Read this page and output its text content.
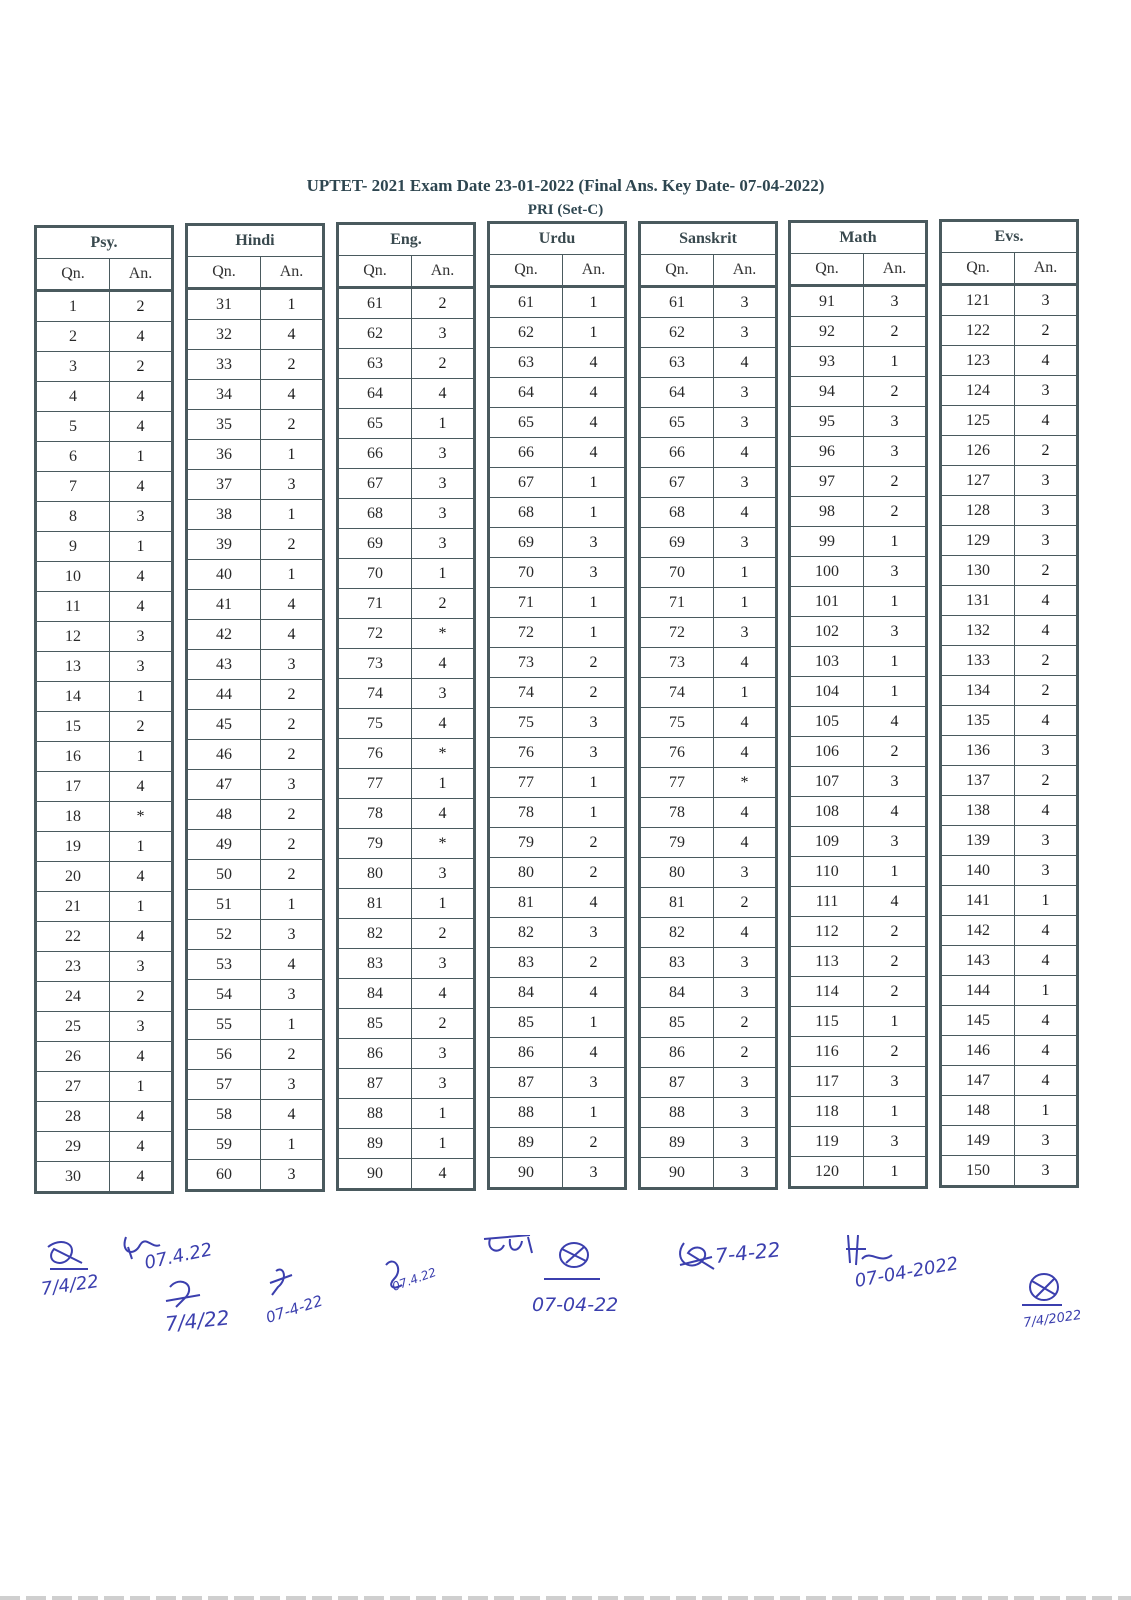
UPTET- 2021 Exam Date 23-01-2022 (Final Ans. Key Date- 07-04-2022)
PRI (Set-C)
Psy.	
Qn.	An.
1	2
2	4
3	2
4	4
5	4
6	1
7	4
8	3
9	1
10	4
11	4
12	3
13	3
14	1
15	2
16	1
17	4
18	*
19	1
20	4
21	1
22	4
23	3
24	2
25	3
26	4
27	1
28	4
29	4
30	4
Hindi	
Qn.	An.
31	1
32	4
33	2
34	4
35	2
36	1
37	3
38	1
39	2
40	1
41	4
42	4
43	3
44	2
45	2
46	2
47	3
48	2
49	2
50	2
51	1
52	3
53	4
54	3
55	1
56	2
57	3
58	4
59	1
60	3
Eng.	
Qn.	An.
61	2
62	3
63	2
64	4
65	1
66	3
67	3
68	3
69	3
70	1
71	2
72	*
73	4
74	3
75	4
76	*
77	1
78	4
79	*
80	3
81	1
82	2
83	3
84	4
85	2
86	3
87	3
88	1
89	1
90	4
Urdu	
Qn.	An.
61	1
62	1
63	4
64	4
65	4
66	4
67	1
68	1
69	3
70	3
71	1
72	1
73	2
74	2
75	3
76	3
77	1
78	1
79	2
80	2
81	4
82	3
83	2
84	4
85	1
86	4
87	3
88	1
89	2
90	3
Sanskrit	
Qn.	An.
61	3
62	3
63	4
64	3
65	3
66	4
67	3
68	4
69	3
70	1
71	1
72	3
73	4
74	1
75	4
76	4
77	*
78	4
79	4
80	3
81	2
82	4
83	3
84	3
85	2
86	2
87	3
88	3
89	3
90	3
Math	
Qn.	An.
91	3
92	2
93	1
94	2
95	3
96	3
97	2
98	2
99	1
100	3
101	1
102	3
103	1
104	1
105	4
106	2
107	3
108	4
109	3
110	1
111	4
112	2
113	2
114	2
115	1
116	2
117	3
118	1
119	3
120	1
Evs.	
Qn.	An.
121	3
122	2
123	4
124	3
125	4
126	2
127	3
128	3
129	3
130	2
131	4
132	4
133	2
134	2
135	4
136	3
137	2
138	4
139	3
140	3
141	1
142	4
143	4
144	1
145	4
146	4
147	4
148	1
149	3
150	3
7/4/22
07.4.22
7/4/22 07-4-22
07.4.22
07-04-22
7-4-22
07-04-2022
7/4/2022
